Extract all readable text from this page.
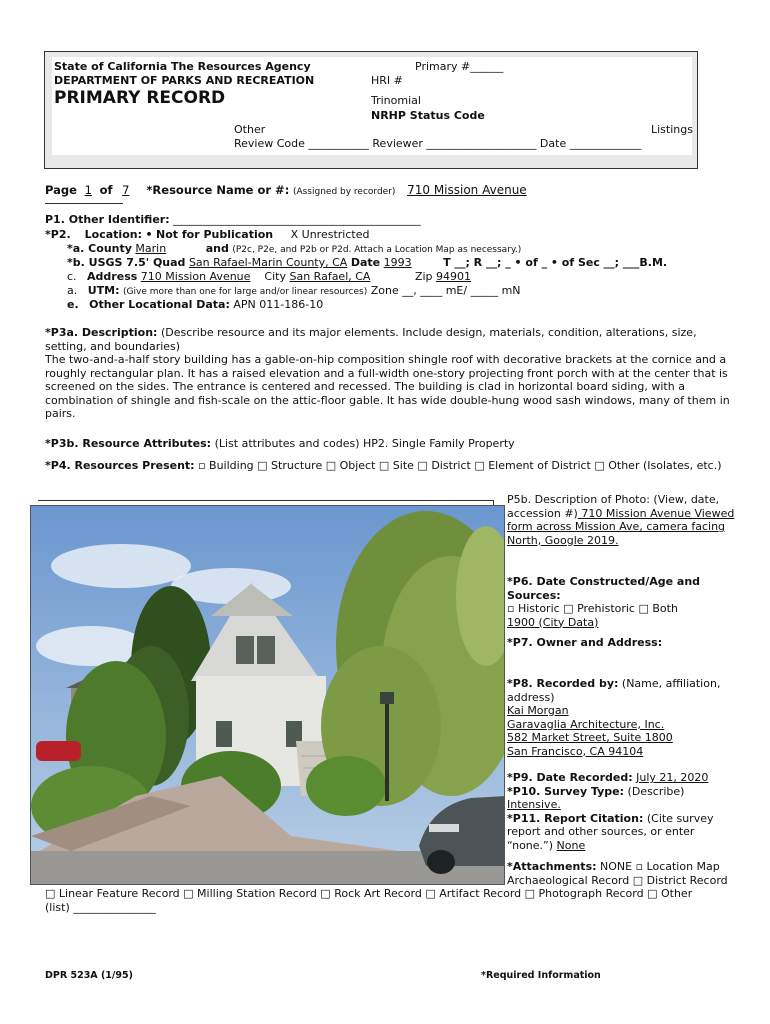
State of California The Resources Agency
DEPARTMENT OF PARKS AND RECREATION
PRIMARY RECORD
Primary #______
HRI #
Trinomial
NRHP Status Code
Other	Listings
Review Code ___________ Reviewer ____________________ Date _____________
Page 1 of 7 *Resource Name or #: (Assigned by recorder) 710 Mission Avenue
P1. Other Identifier: _____________________________________________
*P2. Location: • Not for Publication X Unrestricted
*a. County Marin	and (P2c, P2e, and P2b or P2d. Attach a Location Map as necessary.)
*b. USGS 7.5' Quad San Rafael-Marin County, CA Date 1993	T __; R __; _ • of _ • of Sec __; ___B.M.
c. Address 710 Mission Avenue City San Rafael, CA	Zip 94901
a. UTM: (Give more than one for large and/or linear resources) Zone __, ____ mE/ _____ mN
e. Other Locational Data: APN 011-186-10
*P3a. Description: (Describe resource and its major elements. Include design, materials, condition, alterations, size, setting, and boundaries)
The two-and-a-half story building has a gable-on-hip composition shingle roof with decorative brackets at the cornice and a roughly rectangular plan. It has a raised elevation and a full-width one-story projecting front porch with at the center that is screened on the sides. The entrance is centered and recessed. The building is clad in horizontal board siding, with a combination of shingle and fish-scale on the attic-floor gable. It has wide double-hung wood sash windows, many of them in pairs.
*P3b. Resource Attributes: (List attributes and codes) HP2. Single Family Property
*P4. Resources Present: ▫ Building □ Structure □ Object □ Site □ District □ Element of District □ Other (Isolates, etc.)
P5b. Description of Photo: (View, date, accession #) 710 Mission Avenue Viewed form across Mission Ave, camera facing North, Google 2019.
*P6. Date Constructed/Age and Sources:
▫ Historic □ Prehistoric □ Both
1900 (City Data)
*P7. Owner and Address:
*P8. Recorded by: (Name, affiliation, address)
Kai Morgan
Garavaglia Architecture, Inc.
582 Market Street, Suite 1800
San Francisco, CA 94104
*P9. Date Recorded: July 21, 2020
*P10. Survey Type: (Describe)
Intensive.
*P11. Report Citation: (Cite survey report and other sources, or enter “none.”) None
*Attachments: NONE ▫ Location Map
Archaeological Record □ District Record
□ Linear Feature Record □ Milling Station Record □ Rock Art Record □ Artifact Record □ Photograph Record □ Other
(list) _______________
DPR 523A (1/95)	*Required Information
